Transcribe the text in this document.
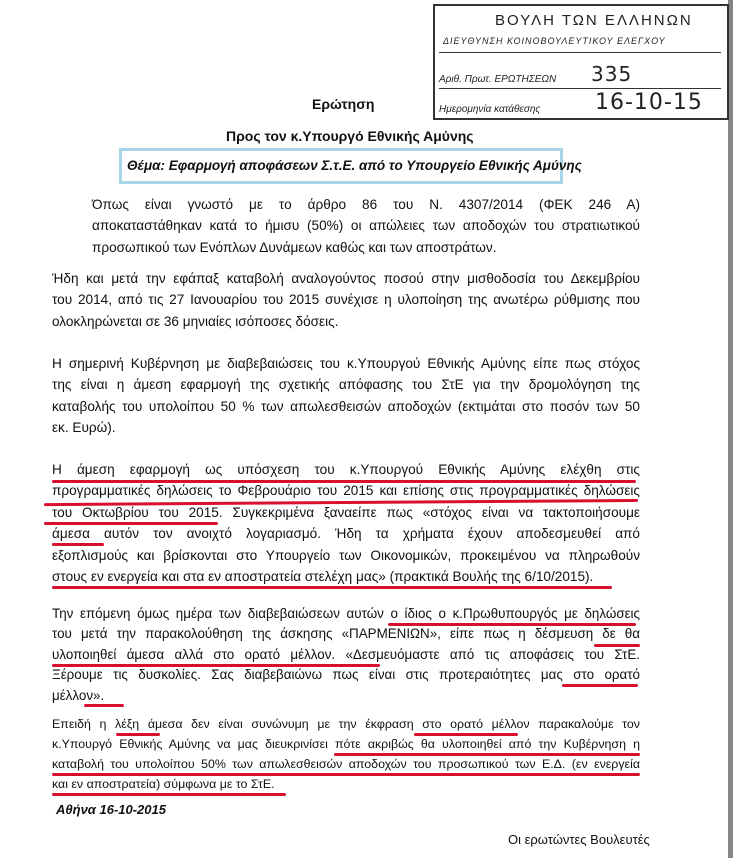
ΒΟΥΛΗ ΤΩΝ ΕΛΛΗΝΩΝ
ΔΙΕΥΘΥΝΣΗ ΚΟΙΝΟΒΟΥΛΕΥΤΙΚΟΥ ΕΛΕΓΧΟΥ
Αριθ. Πρωτ. ΕΡΩΤΗΣΕΩΝ 335
Ημερομηνία κατάθεσης 16-10-15
Ερώτηση
Προς τον κ.Υπουργό Εθνικής Αμύνης
Θέμα: Εφαρμογή αποφάσεων Σ.τ.Ε. από το Υπουργείο Εθνικής Αμύνης
Όπως είναι γνωστό με το άρθρο 86 του Ν. 4307/2014 (ΦΕΚ 246 Α)
αποκαταστάθηκαν κατά το ήμισυ (50%) οι απώλειες των αποδοχών του στρατιωτικού
προσωπικού των Ενόπλων Δυνάμεων καθώς και των αποστράτων.
Ήδη και μετά την εφάπαξ καταβολή αναλογούντος ποσού στην μισθοδοσία του Δεκεμβρίου
του 2014, από τις 27 Ιανουαρίου του 2015 συνέχισε η υλοποίηση της ανωτέρω ρύθμισης που
ολοκληρώνεται σε 36 μηνιαίες ισόποσες δόσεις.
Η σημερινή Κυβέρνηση με διαβεβαιώσεις του κ.Υπουργού Εθνικής Αμύνης είπε πως στόχος
της είναι η άμεση εφαρμογή της σχετικής απόφασης του ΣτΕ για την δρομολόγηση της
καταβολής του υπολοίπου 50 % των απωλεσθεισών αποδοχών (εκτιμάται στο ποσόν των 50
εκ. Ευρώ).
Η άμεση εφαρμογή ως υπόσχεση του κ.Υπουργού Εθνικής Αμύνης ελέχθη στις
προγραμματικές δηλώσεις το Φεβρουάριο του 2015 και επίσης στις προγραμματικές δηλώσεις
του Οκτωβρίου του 2015. Συγκεκριμένα ξαναείπε πως «στόχος είναι να τακτοποιήσουμε
άμεσα αυτόν τον ανοιχτό λογαριασμό. Ήδη τα χρήματα έχουν αποδεσμευθεί από
εξοπλισμούς και βρίσκονται στο Υπουργείο των Οικονομικών, προκειμένου να πληρωθούν
στους εν ενεργεία και στα εν αποστρατεία στελέχη μας» (πρακτικά Βουλής της 6/10/2015).
Την επόμενη όμως ημέρα των διαβεβαιώσεων αυτών ο ίδιος ο κ.Πρωθυπουργός με δηλώσεις
του μετά την παρακολούθηση της άσκησης «ΠΑΡΜΕΝΙΩΝ», είπε πως η δέσμευση δε θα
υλοποιηθεί άμεσα αλλά στο ορατό μέλλον. «Δεσμευόμαστε από τις αποφάσεις του ΣτΕ.
Ξέρουμε τις δυσκολίες. Σας διαβεβαιώνω πως είναι στις προτεραιότητες μας στο ορατό
μέλλον».
Επειδή η λέξη άμεσα δεν είναι συνώνυμη με την έκφραση στο ορατό μέλλον παρακαλούμε τον
κ.Υπουργό Εθνικής Αμύνης να μας διευκρινίσει πότε ακριβώς θα υλοποιηθεί από την Κυβέρνηση η
καταβολή του υπολοίπου 50% των απωλεσθεισών αποδοχών του προσωπικού των Ε.Δ. (εν ενεργεία
και εν αποστρατεία) σύμφωνα με το ΣτΕ.
Αθήνα 16-10-2015
Οι ερωτώντες Βουλευτές
